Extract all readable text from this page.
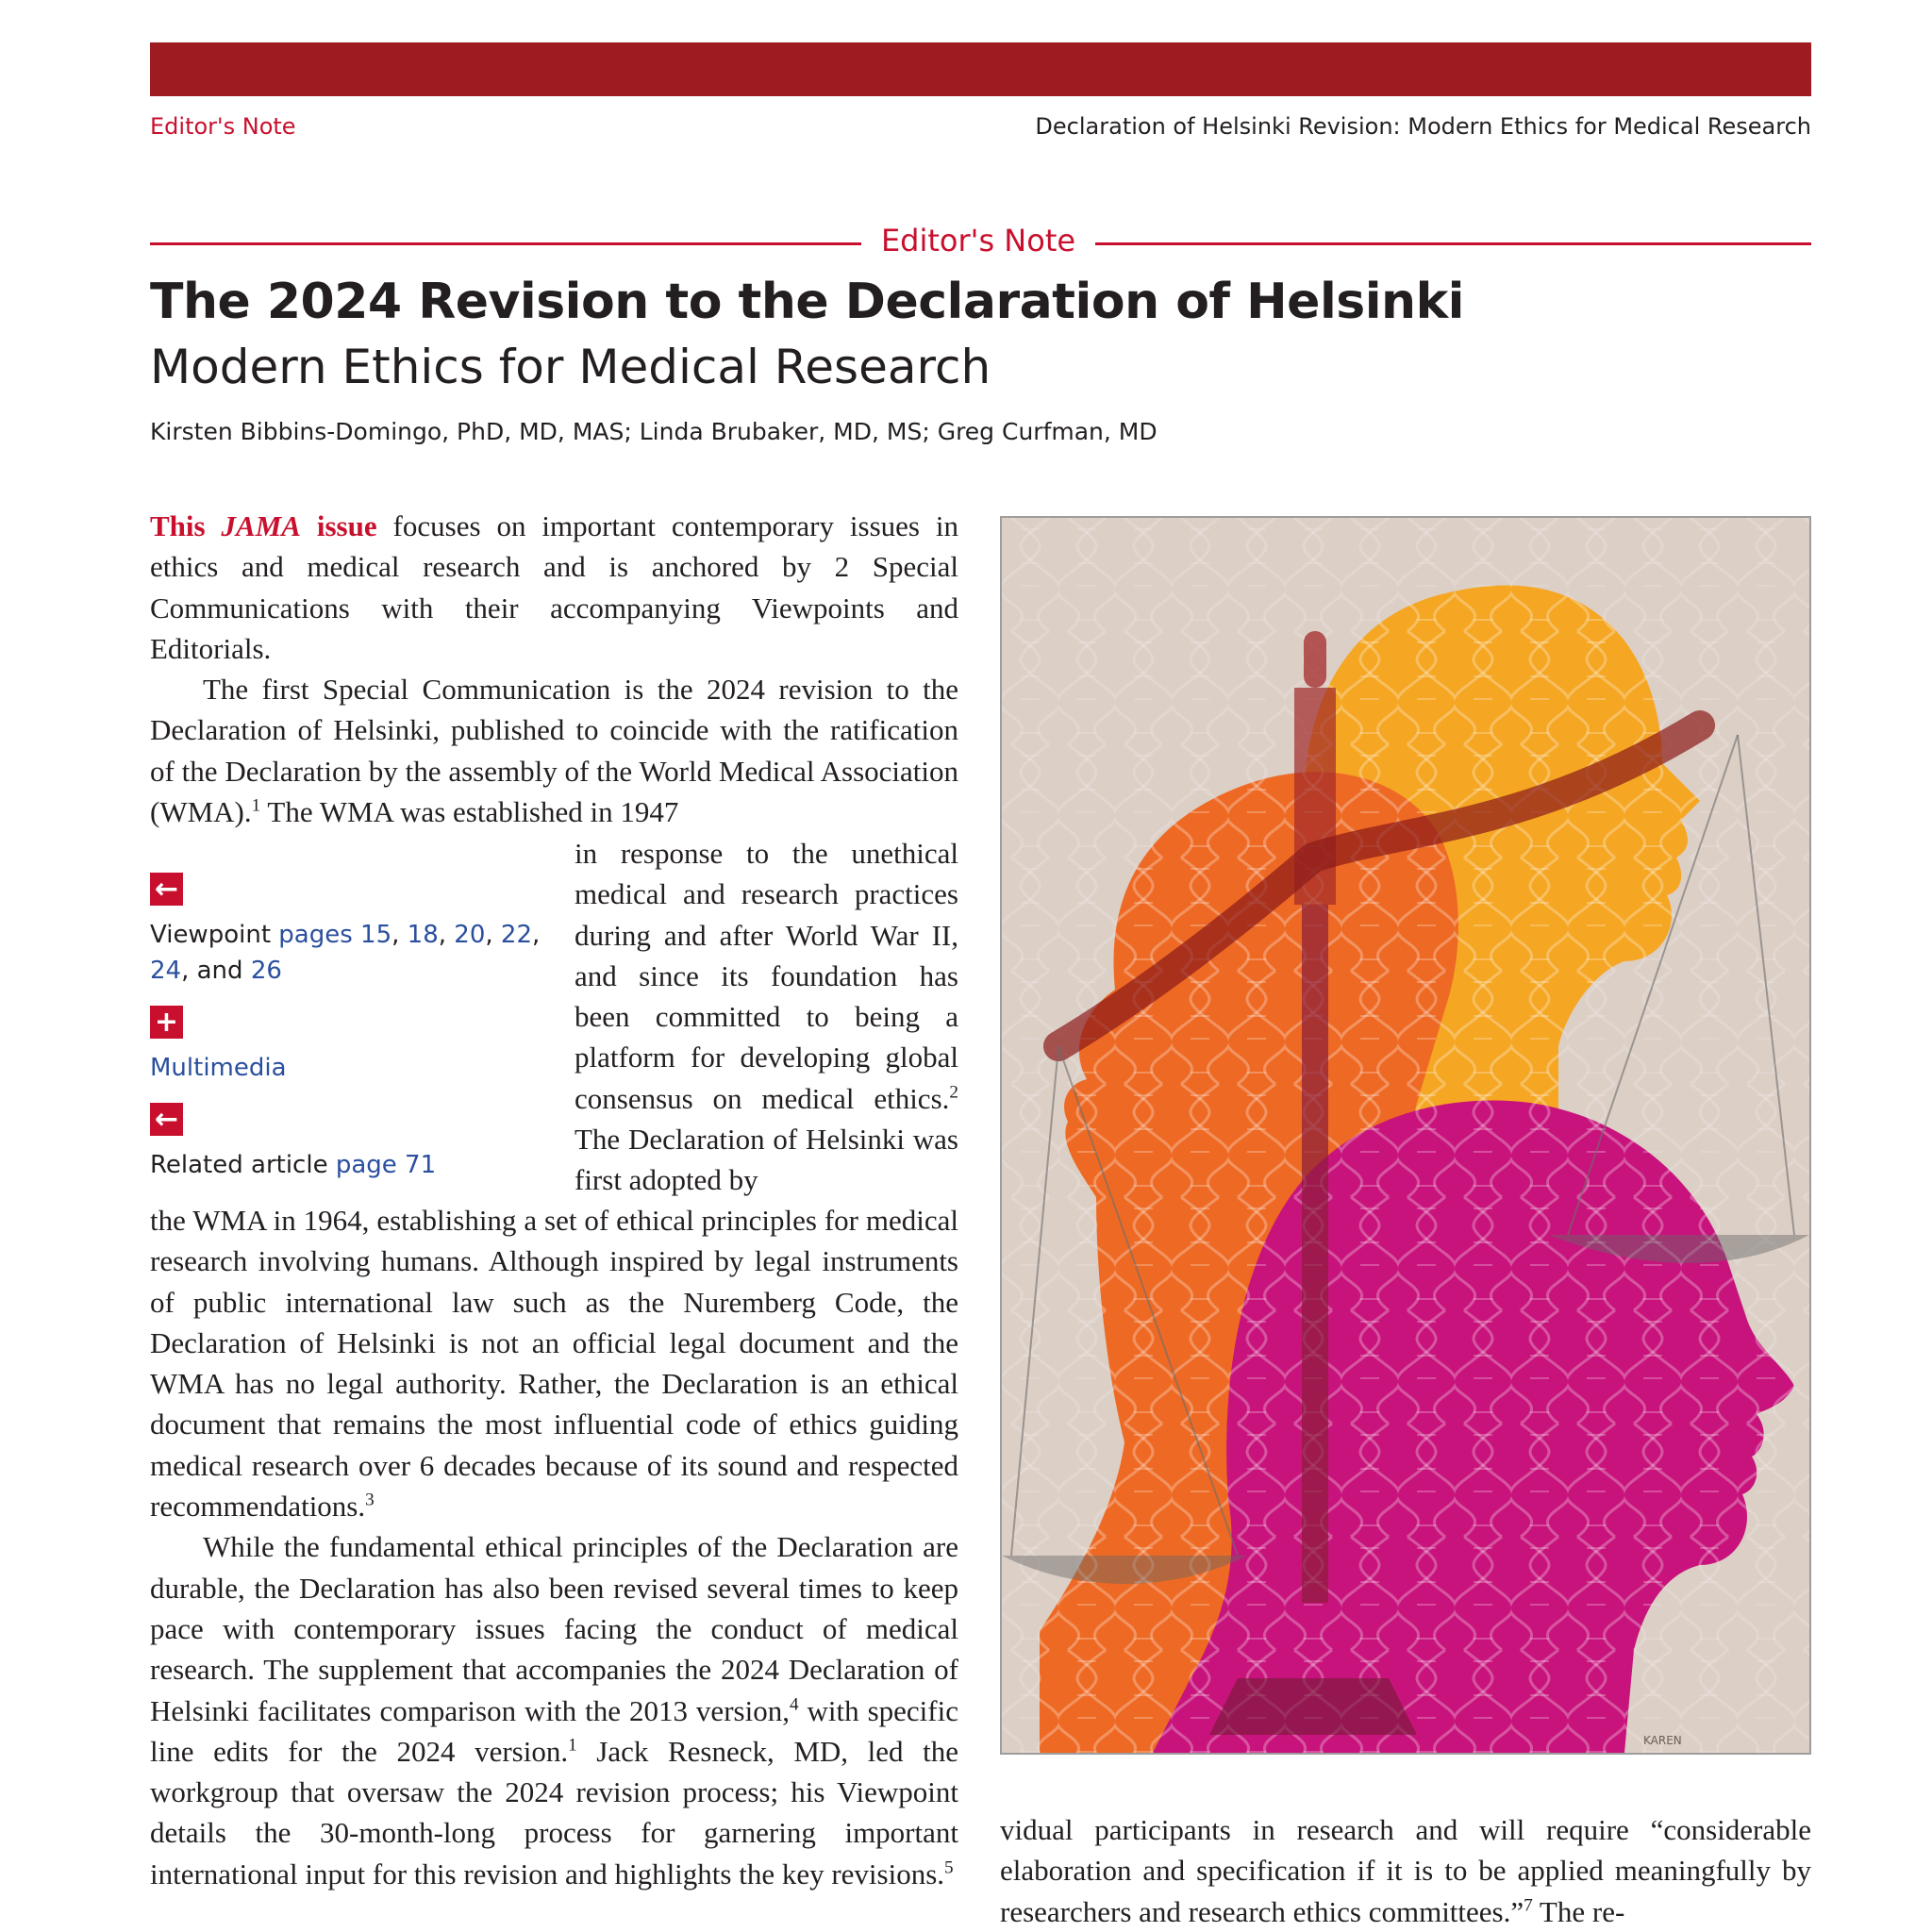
Editor's Note	Declaration of Helsinki Revision: Modern Ethics for Medical Research
Editor's Note
The 2024 Revision to the Declaration of Helsinki
Modern Ethics for Medical Research
Kirsten Bibbins-Domingo, PhD, MD, MAS; Linda Brubaker, MD, MS; Greg Curfman, MD

This JAMA issue focuses on important contemporary issues in ethics and medical research and is anchored by 2 Special Communications with their accompanying Viewpoints and Editorials.

The first Special Communication is the 2024 revision to the Declaration of Helsinki, published to coincide with the ratification of the Declaration by the assembly of the World Medical Association (WMA).$^1$ The WMA was established in 1947

in response to the unethical medical and research practices during and after World War II, and since its foundation has been committed to being a platform for developing global consensus on medical ethics.$^2$ The Declaration of Helsinki was first adopted by

the WMA in 1964, establishing a set of ethical principles for medical research involving humans. Although inspired by legal instruments of public international law such as the Nuremberg Code, the Declaration of Helsinki is not an official legal document and the WMA has no legal authority. Rather, the Declaration is an ethical document that remains the most influential code of ethics guiding medical research over 6 decades because of its sound and respected recommendations.$^3$

While the fundamental ethical principles of the Declaration are durable, the Declaration has also been revised several times to keep pace with contemporary issues facing the conduct of medical research. The supplement that accompanies the 2024 Declaration of Helsinki facilitates comparison with the 2013 version,$^4$ with specific line edits for the 2024 version.$^1$ Jack Resneck, MD, led the workgroup that oversaw the 2024 revision process; his Viewpoint details the 30-month-long process for garnering important international input for this revision and highlights the key revisions.$^5$

←
Viewpoint pages 15, 18, 20, 22,
24, and 26
+
Multimedia
←
Related article page 71
KAREN

vidual participants in research and will require “considerable elaboration and specification if it is to be applied meaningfully by researchers and research ethics committees.”$^7$ The re-
